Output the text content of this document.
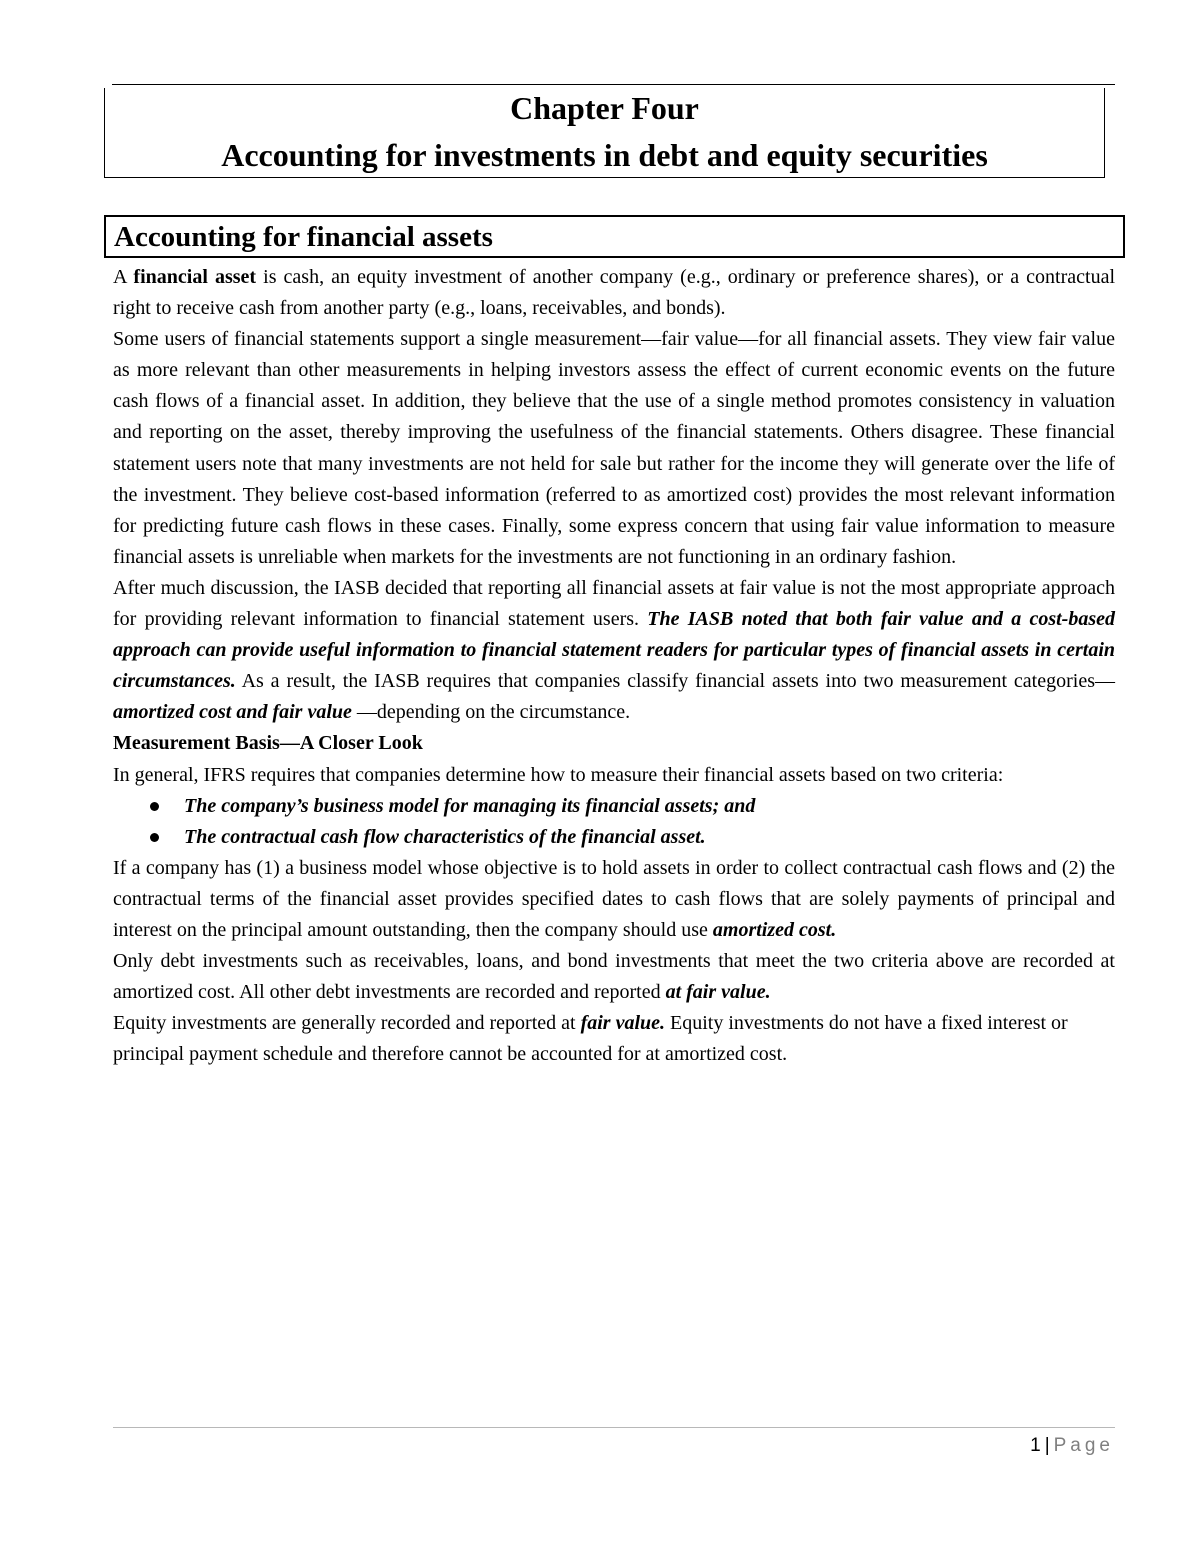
Chapter Four
Accounting for investments in debt and equity securities
Accounting for financial assets

A financial asset is cash, an equity investment of another company (e.g., ordinary or preference shares), or a contractual right to receive cash from another party (e.g., loans, receivables, and bonds).

Some users of financial statements support a single measurement—fair value—for all financial assets. They view fair value as more relevant than other measurements in helping investors assess the effect of current economic events on the future cash flows of a financial asset. In addition, they believe that the use of a single method promotes consistency in valuation and reporting on the asset, thereby improving the usefulness of the financial statements. Others disagree. These financial statement users note that many investments are not held for sale but rather for the income they will generate over the life of the investment. They believe cost-based information (referred to as amortized cost) provides the most relevant information for predicting future cash flows in these cases. Finally, some express concern that using fair value information to measure financial assets is unreliable when markets for the investments are not functioning in an ordinary fashion.

After much discussion, the IASB decided that reporting all financial assets at fair value is not the most appropriate approach for providing relevant information to financial statement users. The IASB noted that both fair value and a cost-based approach can provide useful information to financial statement readers for particular types of financial assets in certain circumstances. As a result, the IASB requires that companies classify financial assets into two measurement categories—amortized cost and fair value —depending on the circumstance.

Measurement Basis—A Closer Look

In general, IFRS requires that companies determine how to measure their financial assets based on two criteria:

The company’s business model for managing its financial assets; and
The contractual cash flow characteristics of the financial asset.

If a company has (1) a business model whose objective is to hold assets in order to collect contractual cash flows and (2) the contractual terms of the financial asset provides specified dates to cash flows that are solely payments of principal and interest on the principal amount outstanding, then the company should use amortized cost.

Only debt investments such as receivables, loans, and bond investments that meet the two criteria above are recorded at amortized cost. All other debt investments are recorded and reported at fair value.

Equity investments are generally recorded and reported at fair value. Equity investments do not have a fixed interest or principal payment schedule and therefore cannot be accounted for at amortized cost.

1 | Page
